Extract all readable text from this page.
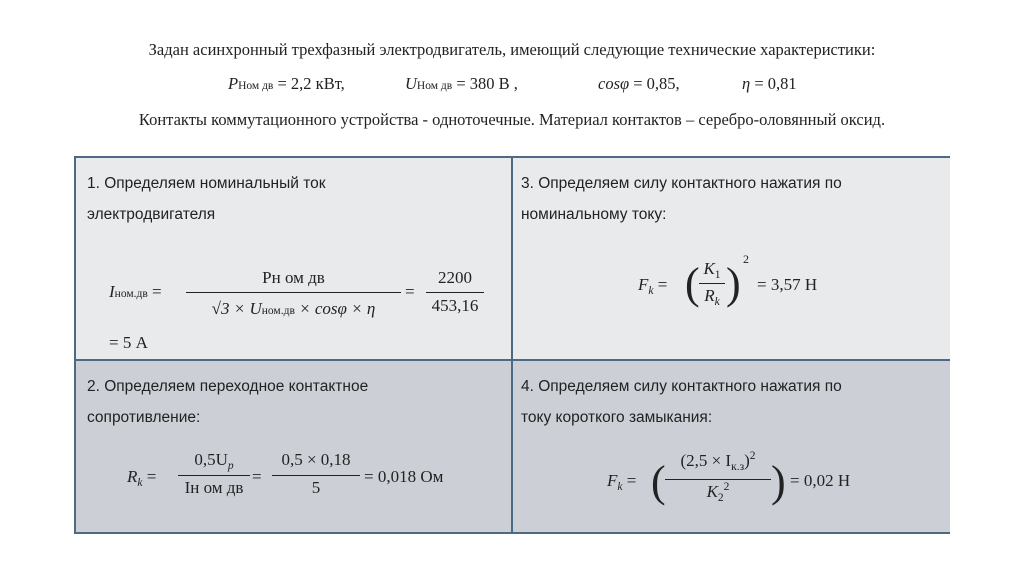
Задан асинхронный трехфазный электродвигатель, имеющий следующие технические характеристики:
PНом дв = 2,2 кВт,	UНом дв = 380 В ,	cosφ = 0,85,	η = 0,81
Контакты коммутационного устройства - одноточечные. Материал контактов – серебро-оловянный оксид.
1. Определяем номинальный ток
электродвигателя
Iном.дв =
Pн ом дв
√3 × Uном.дв × cosφ × η
=
2200
453,16
= 5 А
3. Определяем силу контактного нажатия по
номинальному току:
$F_k$ = ( $K_1$
$R_k$ ) 2
= 3,57 Н
2. Определяем переходное контактное
сопротивление:
$R_k$ =
$0,5U_p$
Iн ом дв
=
0,5 × 0,18
5
= 0,018 Ом
4. Определяем силу контактного нажатия по
току короткого замыкания:
$F_k$ = ( $(2,5 \times I_{к.з})^2$
$K_2^2$ ) = 0,02 Н
